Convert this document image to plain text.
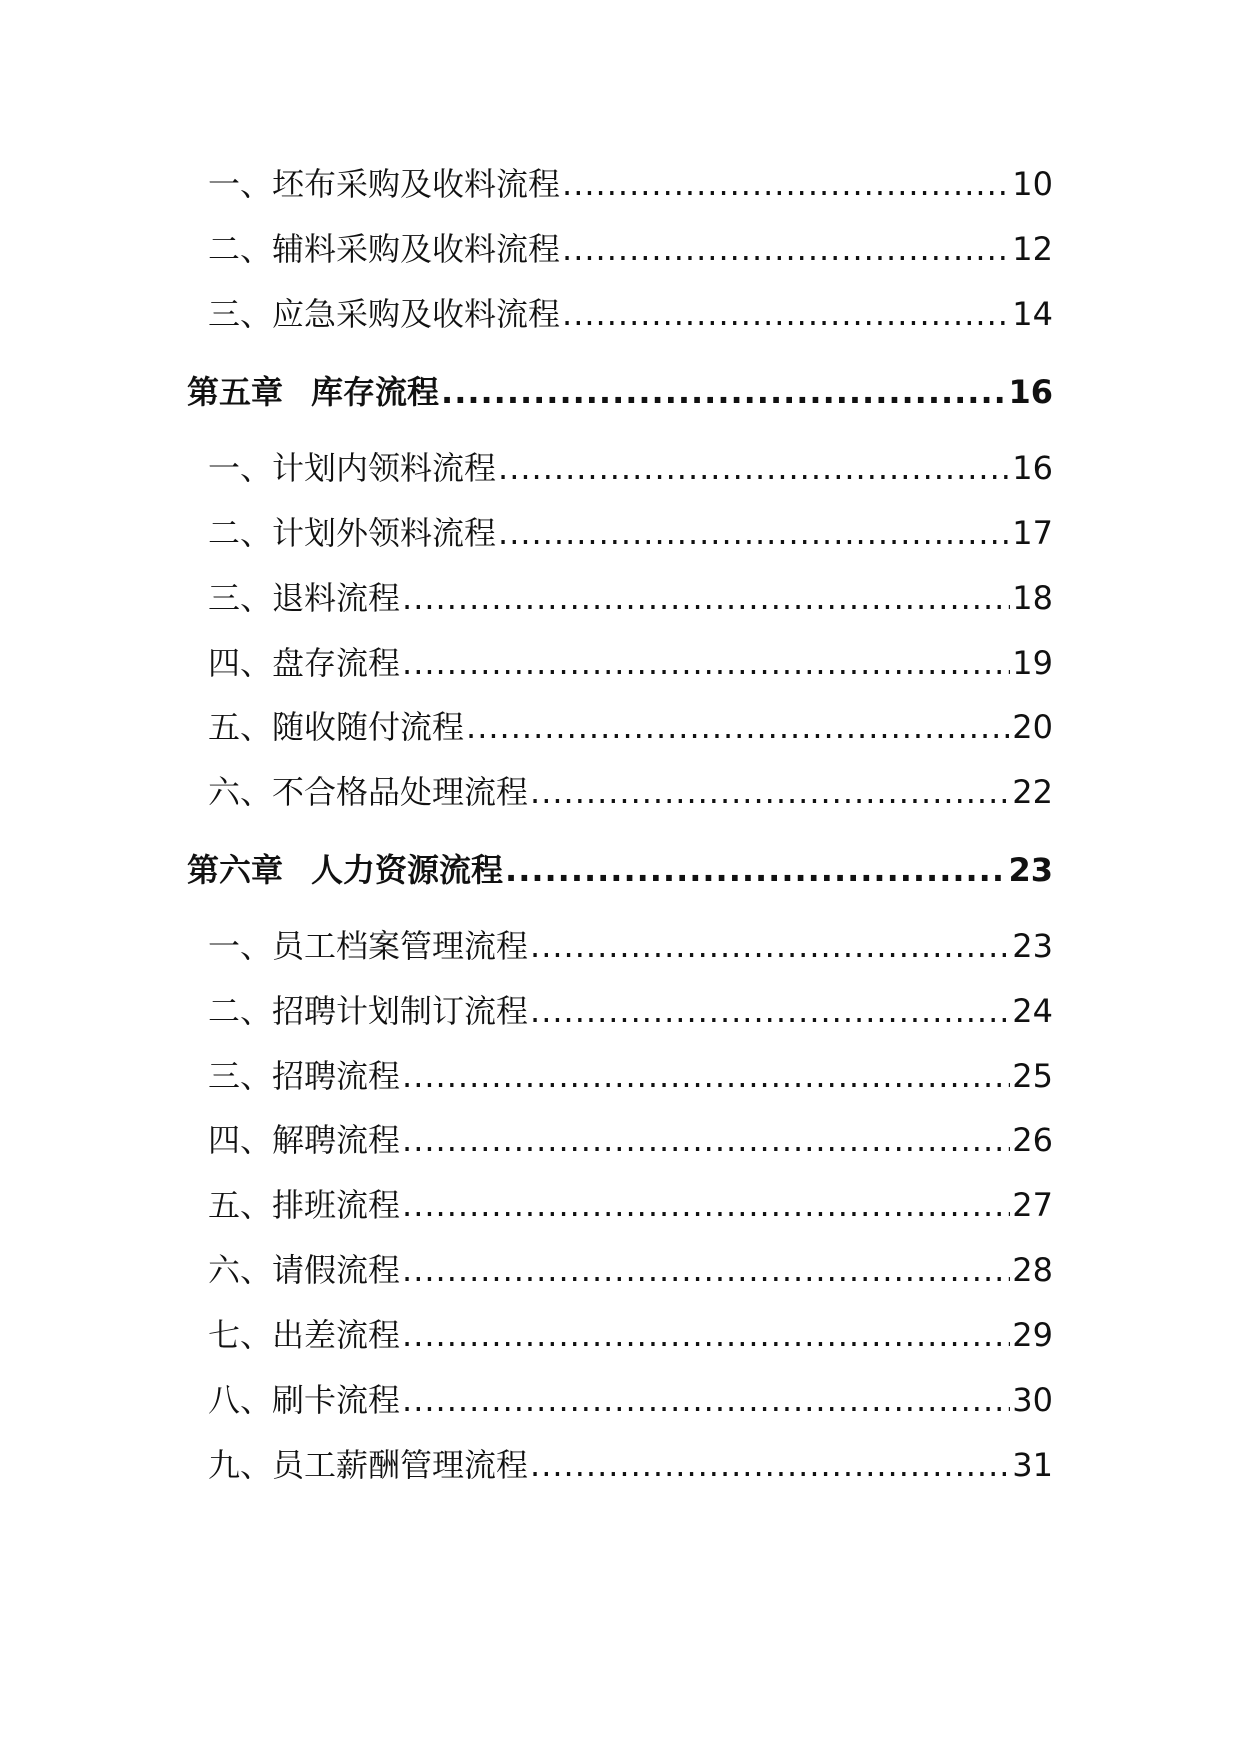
一、坯布采购及收料流程 .....	10
二、辅料采购及收料流程 .....	12
三、应急采购及收料流程 .....	14
第五章 库存流程 .....	16
一、计划内领料流程 .....	16
二、计划外领料流程 .....	17
三、退料流程 .....	18
四、盘存流程 .....	19
五、随收随付流程 .....	20
六、不合格品处理流程 .....	22
第六章 人力资源流程 .....	23
一、员工档案管理流程 .....	23
二、招聘计划制订流程 .....	24
三、招聘流程 .....	25
四、解聘流程 .....	26
五、排班流程 .....	27
六、请假流程 .....	28
七、出差流程 .....	29
八、刷卡流程 .....	30
九、员工薪酬管理流程 .....	31
